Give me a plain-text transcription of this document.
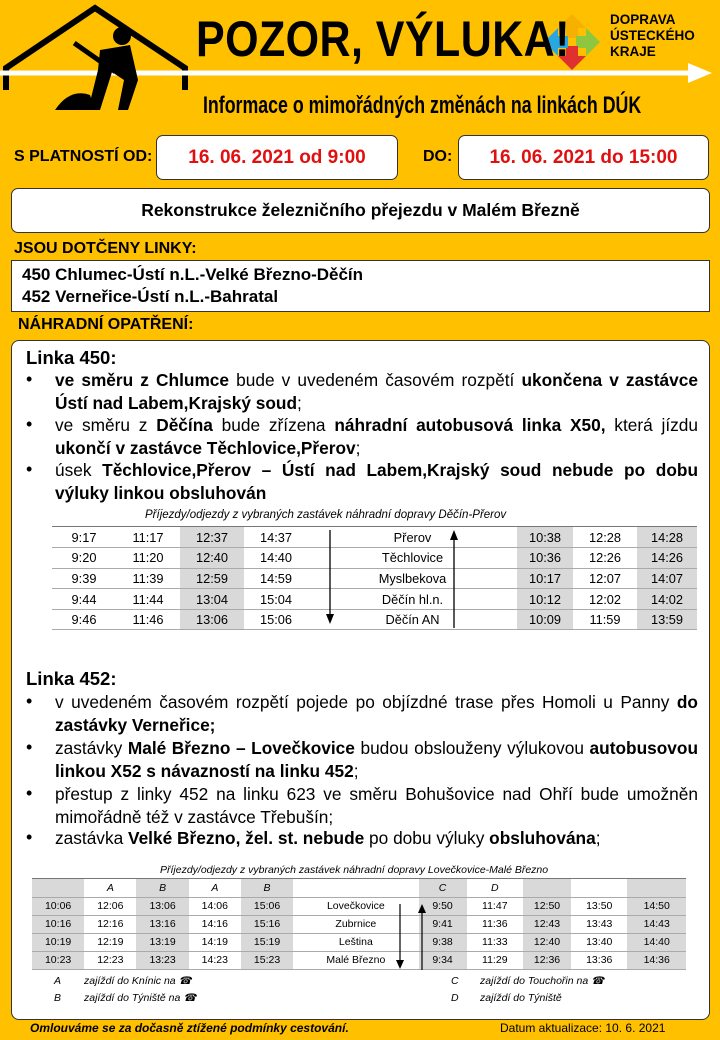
POZOR, VÝLUKA!
Informace o mimořádných změnách na linkách DÚK
DOPRAVA
ÚSTECKÉHO
KRAJE
S PLATNOSTÍ OD: 16. 06. 2021 od 9:00	DO: 16. 06. 2021 do 15:00
Rekonstrukce železničního přejezdu v Malém Březně
JSOU DOTČENY LINKY:
450 Chlumec-Ústí n.L.-Velké Březno-Děčín
452 Verneřice-Ústí n.L.-Bahratal
NÁHRADNÍ OPATŘENÍ:
Linka 450:
• ve směru z Chlumce bude v uvedeném časovém rozpětí ukončena v zastávce Ústí nad Labem,Krajský soud;
• ve směru z Děčína bude zřízena náhradní autobusová linka X50, která jízdu ukončí v zastávce Těchlovice,Přerov;
• úsek Těchlovice,Přerov – Ústí nad Labem,Krajský soud nebude po dobu výluky linkou obsluhován
Příjezdy/odjezdy z vybraných zastávek náhradní dopravy Děčín-Přerov
9:17	11:17	12:37	14:37	Přerov	10:38	12:28	14:28
9:20	11:20	12:40	14:40	Těchlovice	10:36	12:26	14:26
9:39	11:39	12:59	14:59	Myslbekova	10:17	12:07	14:07
9:44	11:44	13:04	15:04	Děčín hl.n.	10:12	12:02	14:02
9:46	11:46	13:06	15:06	Děčín AN	10:09	11:59	13:59
Linka 452:
• v uvedeném časovém rozpětí pojede po objízdné trase přes Homoli u Panny do zastávky Verneřice;
• zastávky Malé Březno – Lovečkovice budou obslouženy výlukovou autobusovou linkou X52 s návazností na linku 452;
• přestup z linky 452 na linku 623 ve směru Bohušovice nad Ohří bude umožněn mimořádně též v zastávce Třebušín;
• zastávka Velké Březno, žel. st. nebude po dobu výluky obsluhována;
Příjezdy/odjezdy z vybraných zastávek náhradní dopravy Lovečkovice-Malé Březno
	A	B	A	B		C	D			
10:06	12:06	13:06	14:06	15:06	Lovečkovice	9:50	11:47	12:50	13:50	14:50
10:16	12:16	13:16	14:16	15:16	Zubrnice	9:41	11:36	12:43	13:43	14:43
10:19	12:19	13:19	14:19	15:19	Leština	9:38	11:33	12:40	13:40	14:40
10:23	12:23	13:23	14:23	15:23	Malé Březno	9:34	11:29	12:36	13:36	14:36
A zajíždí do Knínic na ☎
B zajíždí do Týniště na ☎
C zajíždí do Touchořin na ☎
D zajíždí do Týniště
Omlouváme se za dočasně ztížené podmínky cestování.	Datum aktualizace: 10. 6. 2021
